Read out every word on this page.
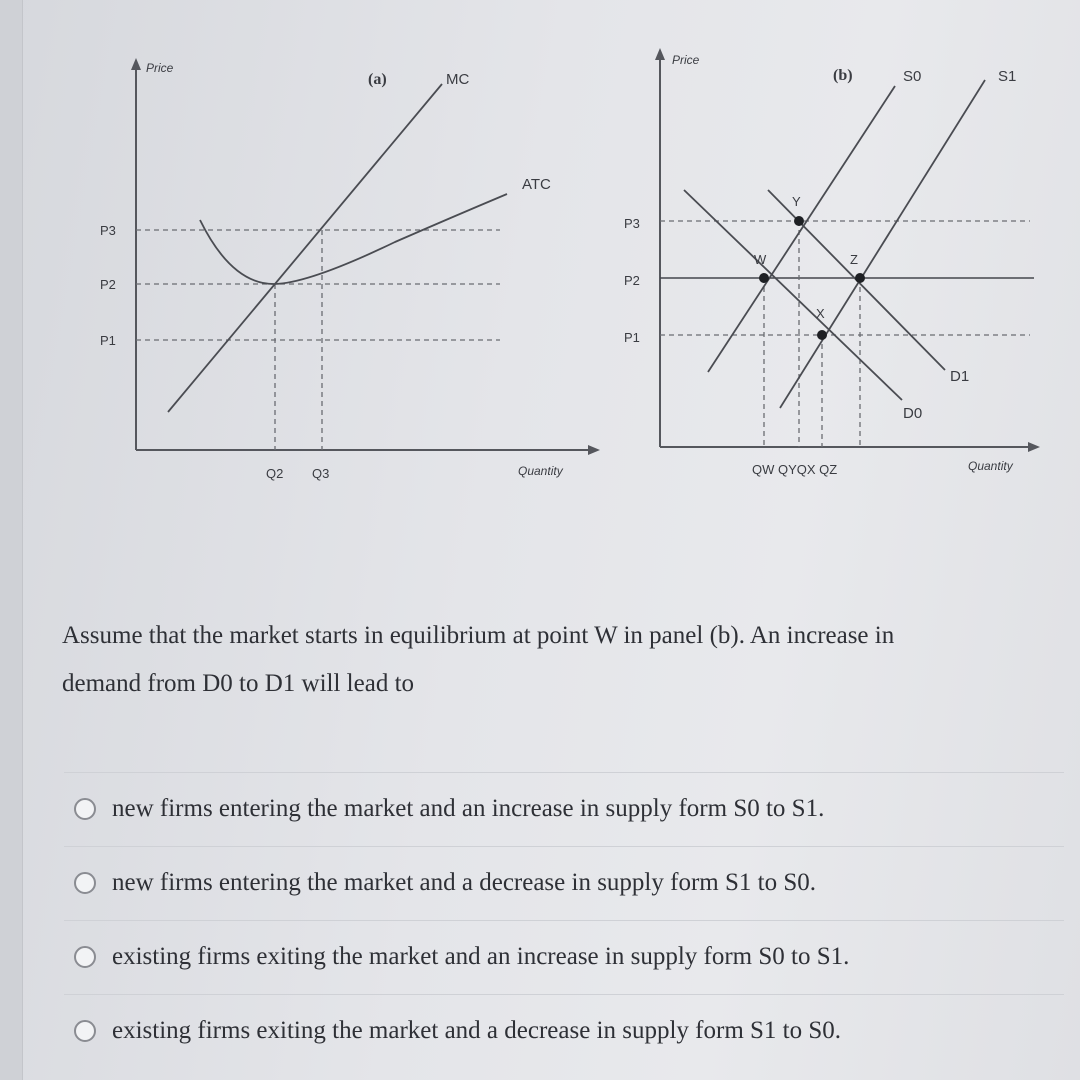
Price
Quantity
(a)	MC
ATC
P3
P2
P1
Q2 Q3
Price
Quantity
(b)	S0	S1
D0
D1
W
Y
Z
X
P3
P2
P1
QW QYQX QZ
Assume that the market starts in equilibrium at point W in panel (b). An increase in
demand from D0 to D1 will lead to
new firms entering the market and an increase in supply form S0 to S1.
new firms entering the market and a decrease in supply form S1 to S0.
existing firms exiting the market and an increase in supply form S0 to S1.
existing firms exiting the market and a decrease in supply form S1 to S0.
